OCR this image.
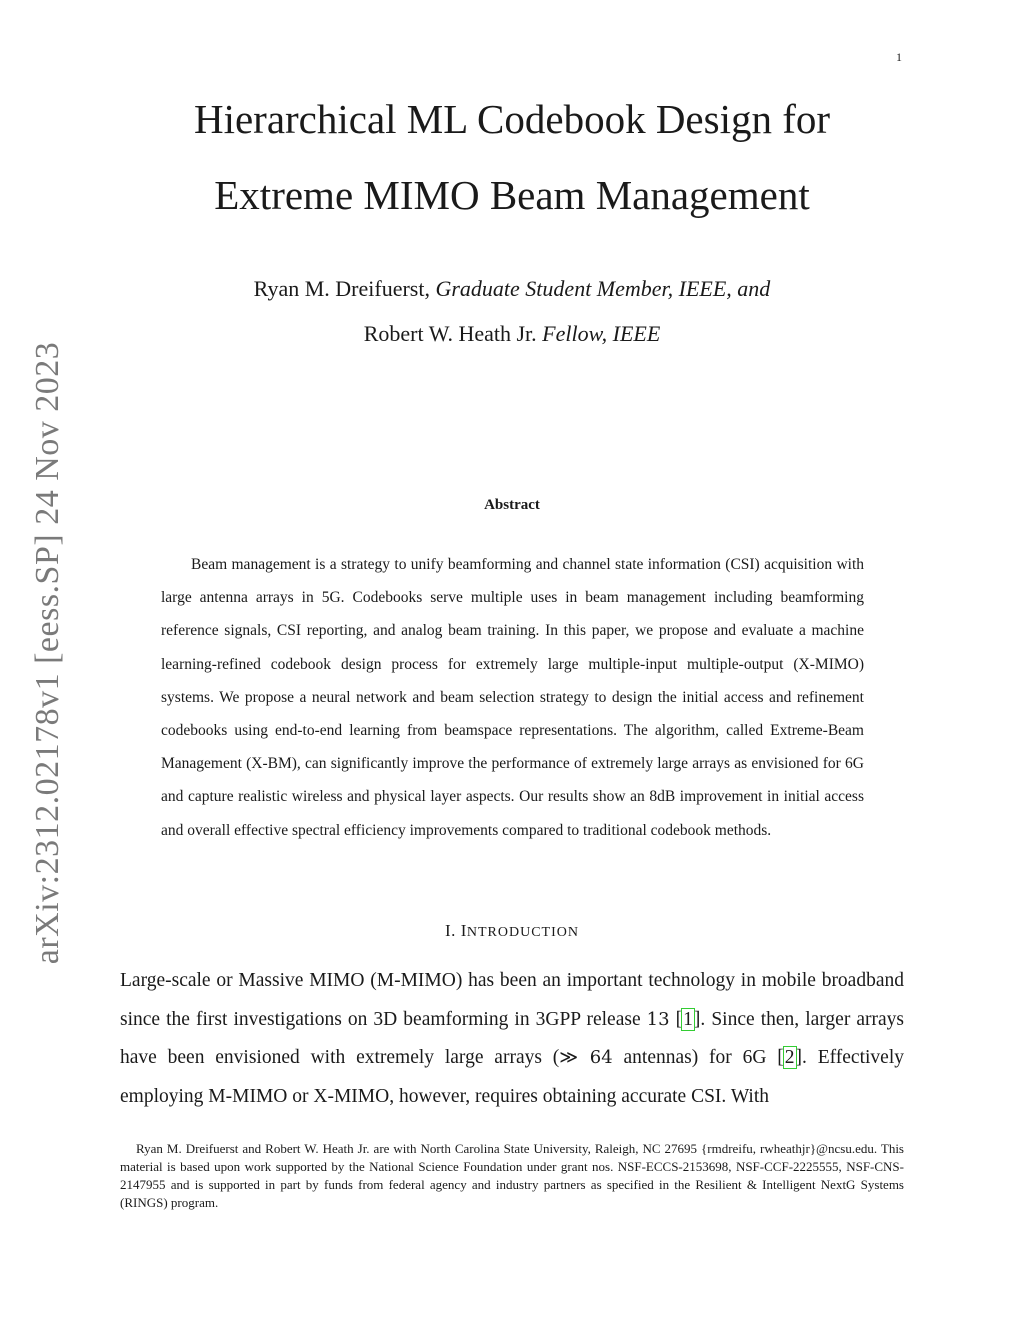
1
arXiv:2312.02178v1 [eess.SP] 24 Nov 2023
Hierarchical ML Codebook Design for
Extreme MIMO Beam Management
Ryan M. Dreifuerst, Graduate Student Member, IEEE, and
Robert W. Heath Jr. Fellow, IEEE
Abstract

Beam management is a strategy to unify beamforming and channel state information (CSI) acquisition with large antenna arrays in 5G. Codebooks serve multiple uses in beam management including beamforming reference signals, CSI reporting, and analog beam training. In this paper, we propose and evaluate a machine learning-refined codebook design process for extremely large multiple-input multiple-output (X-MIMO) systems. We propose a neural network and beam selection strategy to design the initial access and refinement codebooks using end-to-end learning from beamspace representations. The algorithm, called Extreme-Beam Management (X-BM), can significantly improve the performance of extremely large arrays as envisioned for 6G and capture realistic wireless and physical layer aspects. Our results show an 8dB improvement in initial access and overall effective spectral efficiency improvements compared to traditional codebook methods.

I. INTRODUCTION

Large-scale or Massive MIMO (M-MIMO) has been an important technology in mobile broadband since the first investigations on 3D beamforming in 3GPP release 13 [1]. Since then, larger arrays have been envisioned with extremely large arrays (≫ 64 antennas) for 6G [2]. Effectively employing M-MIMO or X-MIMO, however, requires obtaining accurate CSI. With

Ryan M. Dreifuerst and Robert W. Heath Jr. are with North Carolina State University, Raleigh, NC 27695 {rmdreifu, rwheathjr}@ncsu.edu. This material is based upon work supported by the National Science Foundation under grant nos. NSF-ECCS-2153698, NSF-CCF-2225555, NSF-CNS-2147955 and is supported in part by funds from federal agency and industry partners as specified in the Resilient & Intelligent NextG Systems (RINGS) program.
